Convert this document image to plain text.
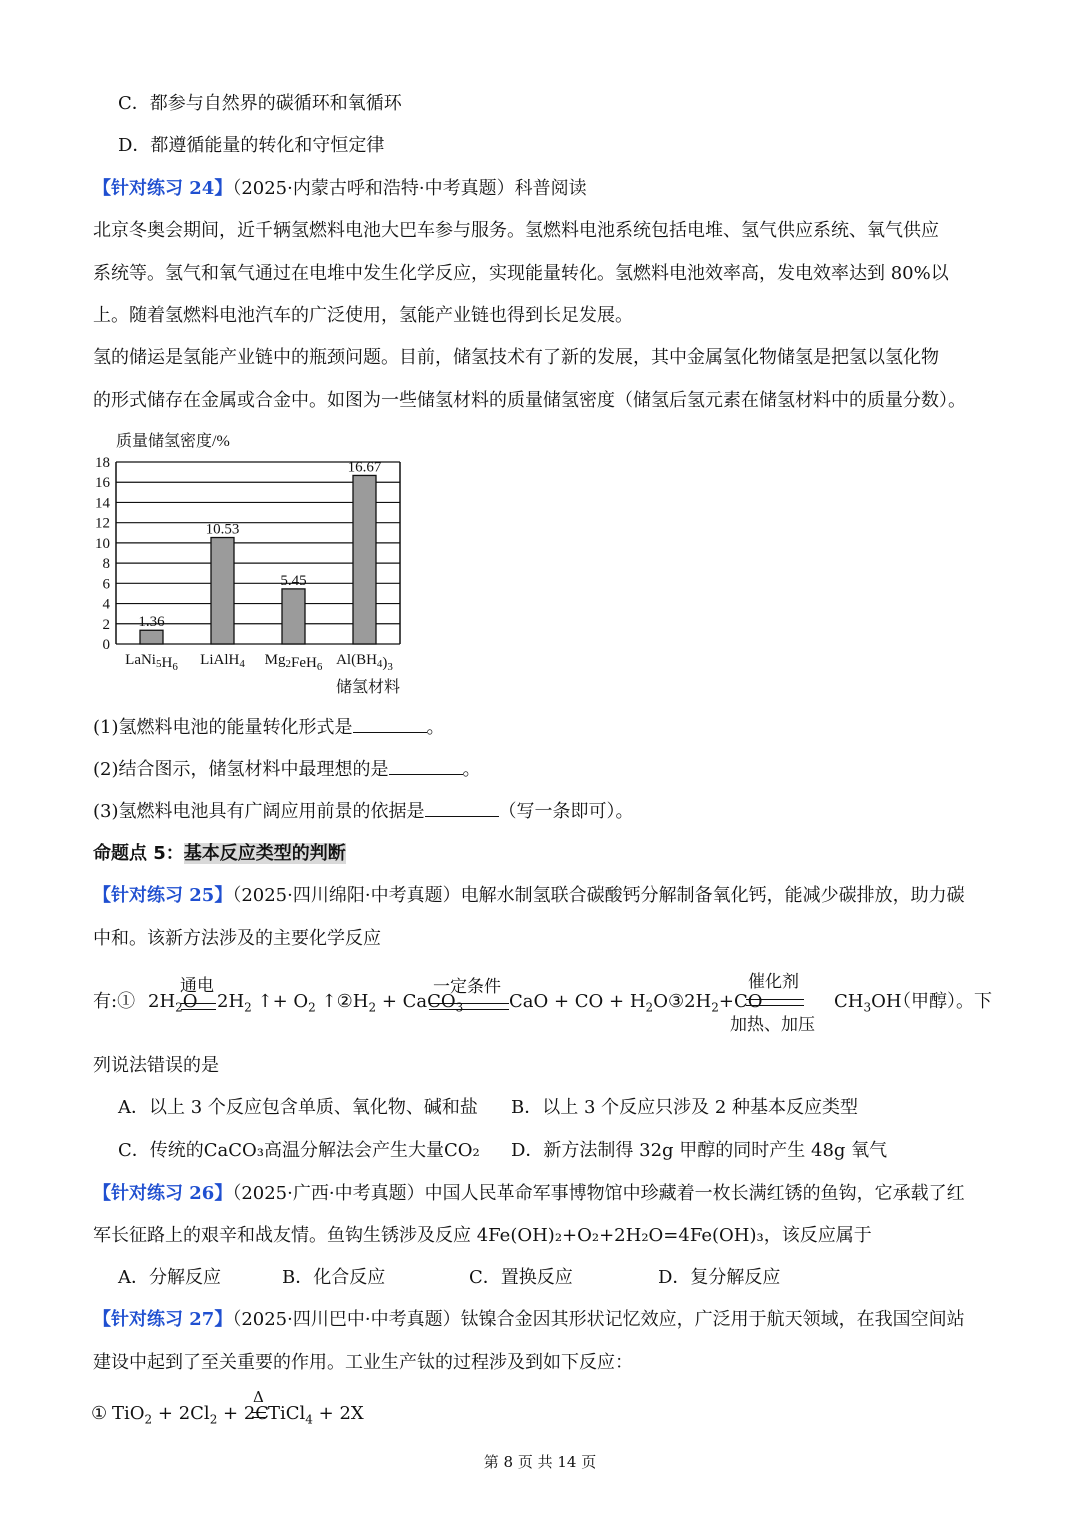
C．都参与自然界的碳循环和氧循环
D．都遵循能量的转化和守恒定律
【针对练习 24】（2025·内蒙古呼和浩特·中考真题）科普阅读
北京冬奥会期间，近千辆氢燃料电池大巴车参与服务。氢燃料电池系统包括电堆、氢气供应系统、氧气供应
系统等。氢气和氧气通过在电堆中发生化学反应，实现能量转化。氢燃料电池效率高，发电效率达到 80%以
上。随着氢燃料电池汽车的广泛使用，氢能产业链也得到长足发展。
氢的储运是氢能产业链中的瓶颈问题。目前，储氢技术有了新的发展，其中金属氢化物储氢是把氢以氢化物
的形式储存在金属或合金中。如图为一些储氢材料的质量储氢密度（储氢后氢元素在储氢材料中的质量分数）。
质量储氢密度/%
0
2
4
6
8
10
12
14
16
18
1.36
10.53
5.45
16.67
$LaNi_5H_6$ LiAlH$_4$ $Mg_2FeH_6$ $Al(BH_4)_3$
储氢材料
(1)氢燃料电池的能量转化形式是	。
(2)结合图示，储氢材料中最理想的是	。
(3)氢燃料电池具有广阔应用前景的依据是	（写一条即可）。
命题点 5：基本反应类型的判断
【针对练习 25】（2025·四川绵阳·中考真题）电解水制氢联合碳酸钙分解制备氧化钙，能减少碳排放，助力碳
中和。该新方法涉及的主要化学反应
有:① $2H_2O$
通电
$2H_2$ ↑+ $O_2$ $↑②H_2$ + CaCO$_3$
一定条件
CaO + CO + $H_2O③2H_2+CO$
催化剂
加热、加压
$CH_3OH$
（甲醇）。下
列说法错误的是
A．以上 3 个反应包含单质、氧化物、碱和盐 B．以上 3 个反应只涉及 2 种基本反应类型
C．传统的CaCO₃高温分解法会产生大量CO₂ D．新方法制得 32g 甲醇的同时产生 48g 氧气
【针对练习 26】（2025·广西·中考真题）中国人民革命军事博物馆中珍藏着一枚长满红锈的鱼钩，它承载了红
军长征路上的艰辛和战友情。鱼钩生锈涉及反应 4Fe(OH)₂+O₂+2H₂O=4Fe(OH)₃，该反应属于
A．分解反应	B．化合反应	C．置换反应	D．复分解反应
【针对练习 27】（2025·四川巴中·中考真题）钛镍合金因其形状记忆效应，广泛用于航天领域，在我国空间站
建设中起到了至关重要的作用。工业生产钛的过程涉及到如下反应：
① $TiO_2 + 2Cl_2 + 2C$
Δ
TiCl$_4$ + 2X
第 8 页 共 14 页
